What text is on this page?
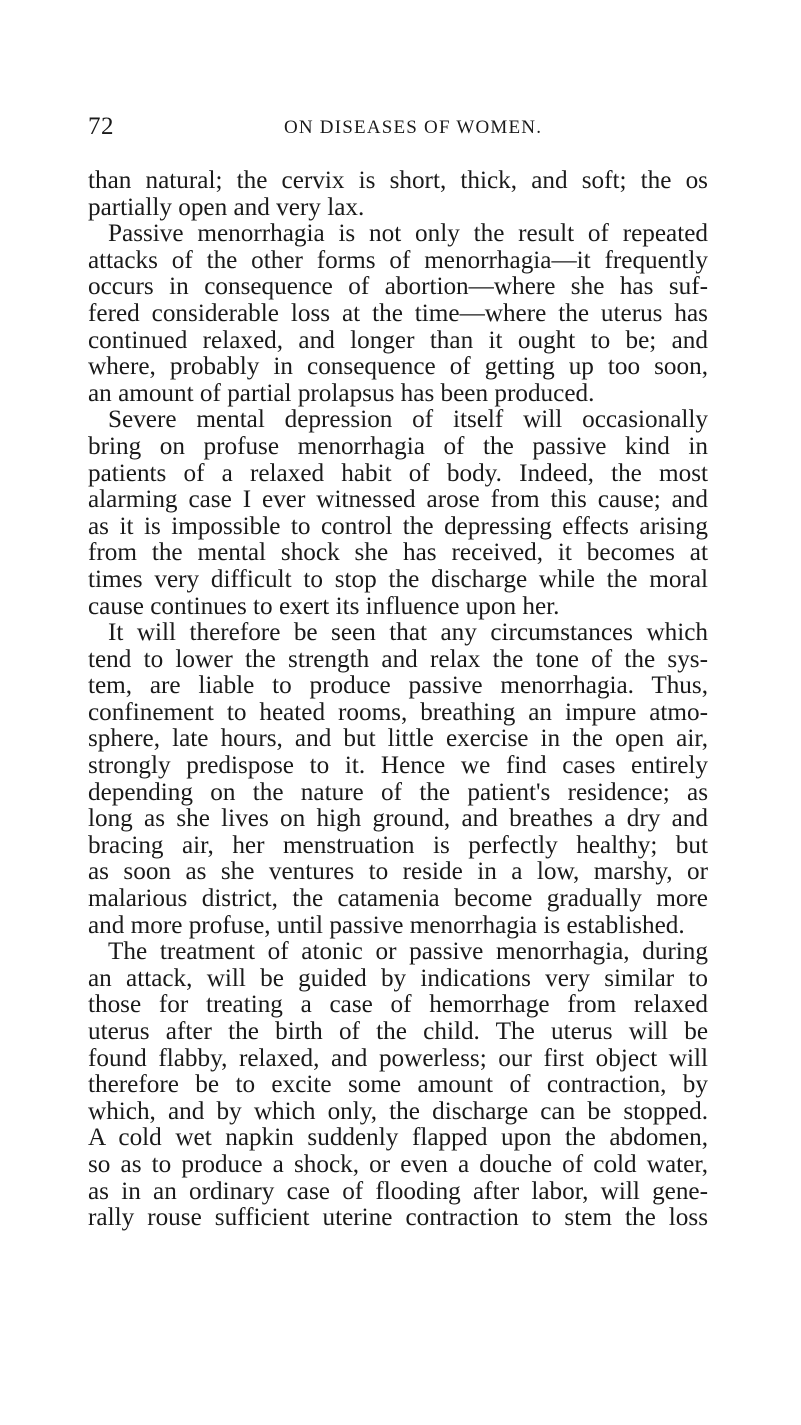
72	ON DISEASES OF WOMEN.
than natural; the cervix is short, thick, and soft; the os
partially open and very lax.
Passive menorrhagia is not only the result of repeated
attacks of the other forms of menorrhagia—it frequently
occurs in consequence of abortion—where she has suf-
fered considerable loss at the time—where the uterus has
continued relaxed, and longer than it ought to be; and
where, probably in consequence of getting up too soon,
an amount of partial prolapsus has been produced.
Severe mental depression of itself will occasionally
bring on profuse menorrhagia of the passive kind in
patients of a relaxed habit of body. Indeed, the most
alarming case I ever witnessed arose from this cause; and
as it is impossible to control the depressing effects arising
from the mental shock she has received, it becomes at
times very difficult to stop the discharge while the moral
cause continues to exert its influence upon her.
It will therefore be seen that any circumstances which
tend to lower the strength and relax the tone of the sys-
tem, are liable to produce passive menorrhagia. Thus,
confinement to heated rooms, breathing an impure atmo-
sphere, late hours, and but little exercise in the open air,
strongly predispose to it. Hence we find cases entirely
depending on the nature of the patient's residence; as
long as she lives on high ground, and breathes a dry and
bracing air, her menstruation is perfectly healthy; but
as soon as she ventures to reside in a low, marshy, or
malarious district, the catamenia become gradually more
and more profuse, until passive menorrhagia is established.
The treatment of atonic or passive menorrhagia, during
an attack, will be guided by indications very similar to
those for treating a case of hemorrhage from relaxed
uterus after the birth of the child. The uterus will be
found flabby, relaxed, and powerless; our first object will
therefore be to excite some amount of contraction, by
which, and by which only, the discharge can be stopped.
A cold wet napkin suddenly flapped upon the abdomen,
so as to produce a shock, or even a douche of cold water,
as in an ordinary case of flooding after labor, will gene-
rally rouse sufficient uterine contraction to stem the loss
